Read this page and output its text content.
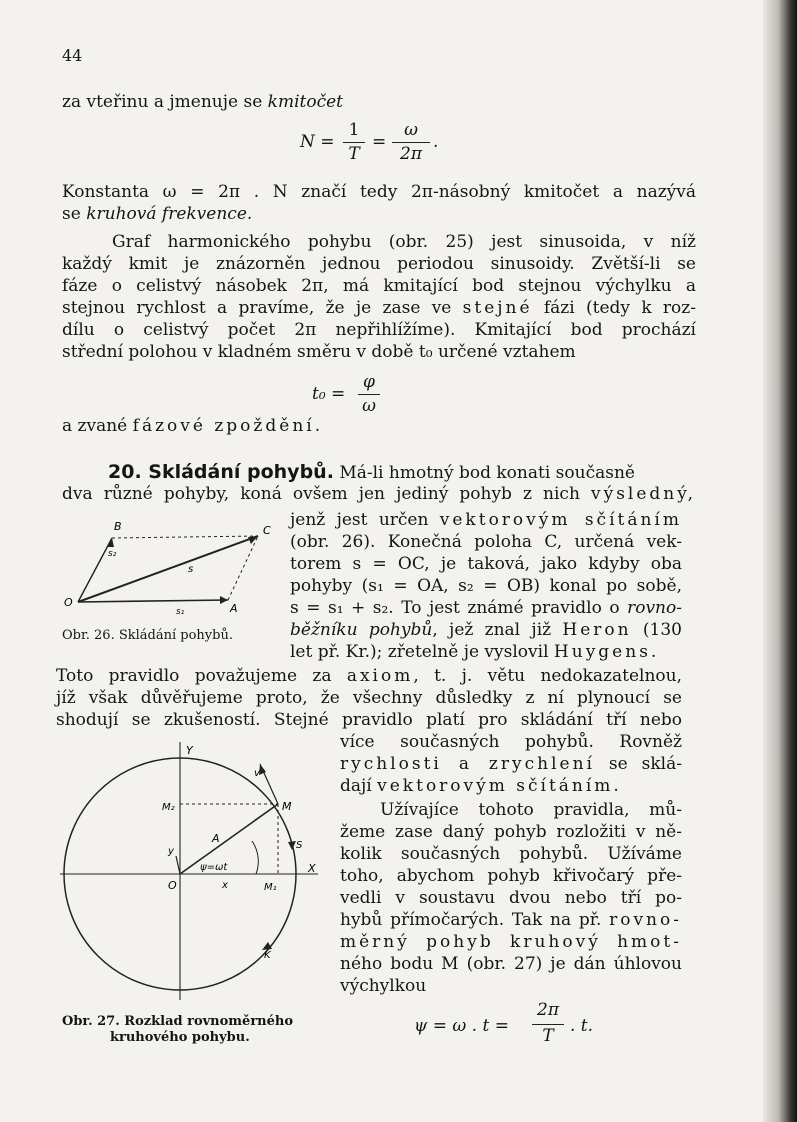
44
za vteřinu a jmenuje se kmitočet
N =
1
T
=
ω
2π
.
Konstanta ω = 2π . N značí tedy 2π-násobný kmitočet a nazývá
se kruhová frekvence.
Graf harmonického pohybu (obr. 25) jest sinusoida, v níž
každý kmit je znázorněn jednou periodou sinusoidy. Zvětší-li se
fáze o celistvý násobek 2π, má kmitající bod stejnou výchylku a
stejnou rychlost a pravíme, že je zase ve stejné fázi (tedy k roz-
dílu o celistvý počet 2π nepřihlížíme). Kmitající bod prochází
střední polohou v kladném směru v době t₀ určené vztahem
t₀ =
φ
ω
a zvané fázové zpoždění.
20. Skládání pohybů. Má-li hmotný bod konati současně
dva různé pohyby, koná ovšem jen jediný pohyb z nich výsledný,
B	C
O	A
s
s₁
s₂
Obr. 26. Skládání pohybů.
jenž jest určen vektorovým sčítáním
(obr. 26). Konečná poloha C, určená vek-
torem s = OC, je taková, jako kdyby oba
pohyby (s₁ = OA, s₂ = OB) konal po sobě,
s = s₁ + s₂. To jest známé pravidlo o rovno-
běžníku pohybů, jež znal již Heron (130
let př. Kr.); zřetelně je vyslovil Huygens.
Toto pravidlo považujeme za axiom, t. j. větu nedokazatelnou,
jíž však důvěřujeme proto, že všechny důsledky z ní plynoucí se
shodují se zkušeností. Stejné pravidlo platí pro skládání tří nebo
Y
X
O
M
M₁
M₂
A
K
S
x
y
v
ψ=ωt
Obr. 27. Rozklad rovnoměrného
kruhového pohybu.
více současných pohybů. Rovněž
rychlosti a zrychlení se sklá-
dají vektorovým sčítáním.
Užívajíce tohoto pravidla, mů-
žeme zase daný pohyb rozložiti v ně-
kolik současných pohybů. Užíváme
toho, abychom pohyb křivočarý pře-
vedli v soustavu dvou nebo tří po-
hybů přímočarých. Tak na př. rovno-
měrný pohyb kruhový hmot-
ného bodu M (obr. 27) je dán úhlovou
výchylkou
ψ = ω . t =
2π
T . t.
